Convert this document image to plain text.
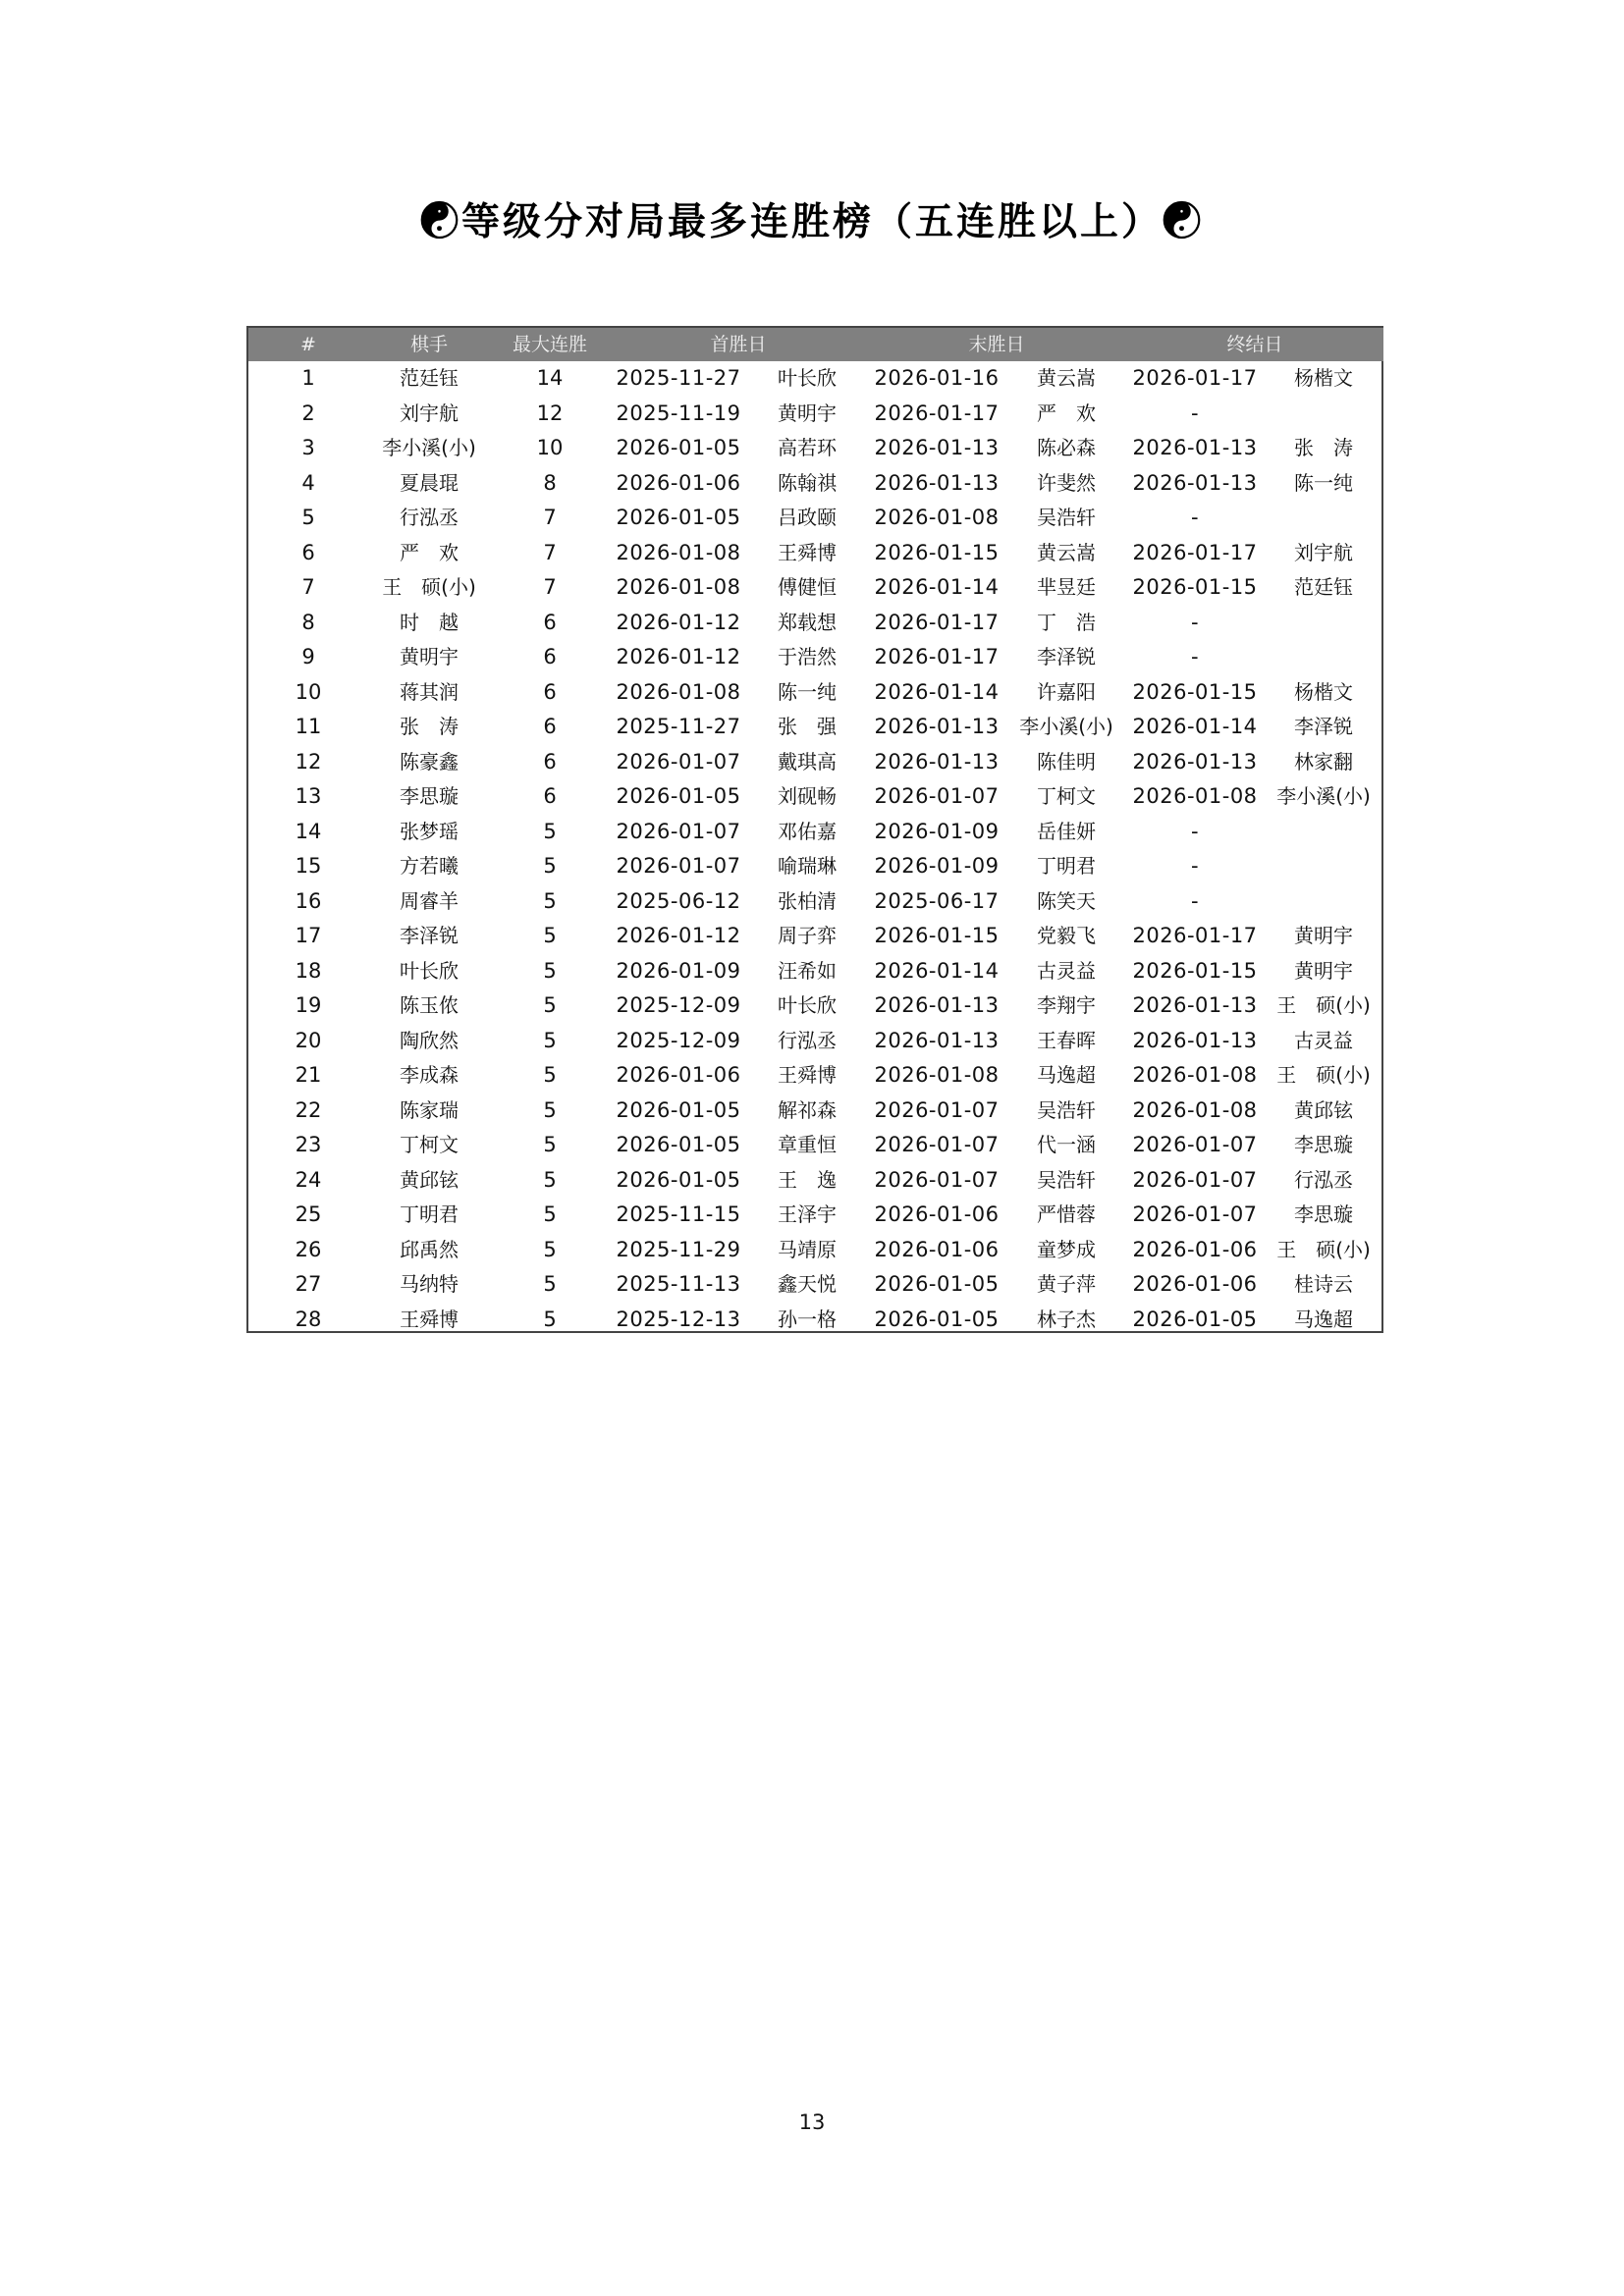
☯等级分对局最多连胜榜（五连胜以上）☯
#	棋手	最大连胜	首胜日		末胜日		终结日	
1	范廷钰	14	2025-11-27	叶长欣	2026-01-16	黄云嵩	2026-01-17	杨楷文
2	刘宇航	12	2025-11-19	黄明宇	2026-01-17	严　欢	-	
3	李小溪(小)	10	2026-01-05	高若环	2026-01-13	陈必森	2026-01-13	张　涛
4	夏晨琨	8	2026-01-06	陈翰祺	2026-01-13	许斐然	2026-01-13	陈一纯
5	行泓丞	7	2026-01-05	吕政颐	2026-01-08	吴浩轩	-	
6	严　欢	7	2026-01-08	王舜博	2026-01-15	黄云嵩	2026-01-17	刘宇航
7	王　硕(小)	7	2026-01-08	傅健恒	2026-01-14	芈昱廷	2026-01-15	范廷钰
8	时　越	6	2026-01-12	郑载想	2026-01-17	丁　浩	-	
9	黄明宇	6	2026-01-12	于浩然	2026-01-17	李泽锐	-	
10	蒋其润	6	2026-01-08	陈一纯	2026-01-14	许嘉阳	2026-01-15	杨楷文
11	张　涛	6	2025-11-27	张　强	2026-01-13	李小溪(小)	2026-01-14	李泽锐
12	陈豪鑫	6	2026-01-07	戴琪高	2026-01-13	陈佳明	2026-01-13	林家翻
13	李思璇	6	2026-01-05	刘砚畅	2026-01-07	丁柯文	2026-01-08	李小溪(小)
14	张梦瑶	5	2026-01-07	邓佑嘉	2026-01-09	岳佳妍	-	
15	方若曦	5	2026-01-07	喻瑞琳	2026-01-09	丁明君	-	
16	周睿羊	5	2025-06-12	张柏清	2025-06-17	陈笑天	-	
17	李泽锐	5	2026-01-12	周子弈	2026-01-15	党毅飞	2026-01-17	黄明宇
18	叶长欣	5	2026-01-09	汪希如	2026-01-14	古灵益	2026-01-15	黄明宇
19	陈玉侬	5	2025-12-09	叶长欣	2026-01-13	李翔宇	2026-01-13	王　硕(小)
20	陶欣然	5	2025-12-09	行泓丞	2026-01-13	王春晖	2026-01-13	古灵益
21	李成森	5	2026-01-06	王舜博	2026-01-08	马逸超	2026-01-08	王　硕(小)
22	陈家瑞	5	2026-01-05	解祁森	2026-01-07	吴浩轩	2026-01-08	黄邱铉
23	丁柯文	5	2026-01-05	章重恒	2026-01-07	代一涵	2026-01-07	李思璇
24	黄邱铉	5	2026-01-05	王　逸	2026-01-07	吴浩轩	2026-01-07	行泓丞
25	丁明君	5	2025-11-15	王泽宇	2026-01-06	严惜蓉	2026-01-07	李思璇
26	邱禹然	5	2025-11-29	马靖原	2026-01-06	童梦成	2026-01-06	王　硕(小)
27	马纳特	5	2025-11-13	鑫天悦	2026-01-05	黄子萍	2026-01-06	桂诗云
28	王舜博	5	2025-12-13	孙一格	2026-01-05	林子杰	2026-01-05	马逸超
13
